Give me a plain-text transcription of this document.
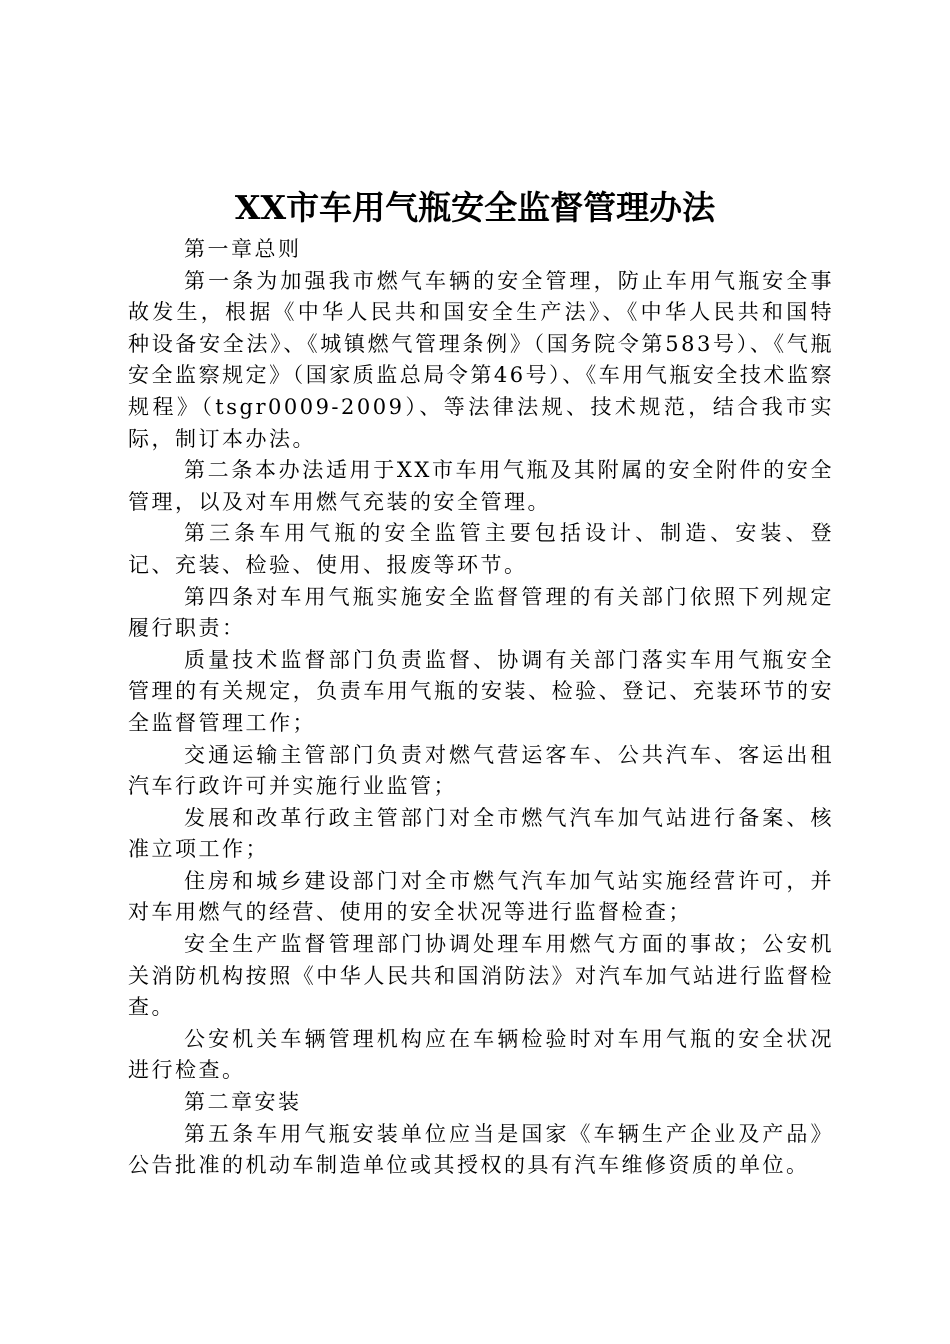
XX市车用气瓶安全监督管理办法

第一章总则

第一条为加强我市燃气车辆的安全管理，防止车用气瓶安全事故发生，根据《中华人民共和国安全生产法》、《中华人民共和国特种设备安全法》、《城镇燃气管理条例》（国务院令第583号）、《气瓶安全监察规定》（国家质监总局令第46号）、《车用气瓶安全技术监察规程》（tsgr0009-2009）、等法律法规、技术规范，结合我市实际，制订本办法。

第二条本办法适用于XX市车用气瓶及其附属的安全附件的安全管理，以及对车用燃气充装的安全管理。

第三条车用气瓶的安全监管主要包括设计、制造、安装、登记、充装、检验、使用、报废等环节。

第四条对车用气瓶实施安全监督管理的有关部门依照下列规定履行职责：

质量技术监督部门负责监督、协调有关部门落实车用气瓶安全管理的有关规定，负责车用气瓶的安装、检验、登记、充装环节的安全监督管理工作；

交通运输主管部门负责对燃气营运客车、公共汽车、客运出租汽车行政许可并实施行业监管；

发展和改革行政主管部门对全市燃气汽车加气站进行备案、核准立项工作；

住房和城乡建设部门对全市燃气汽车加气站实施经营许可，并对车用燃气的经营、使用的安全状况等进行监督检查；

安全生产监督管理部门协调处理车用燃气方面的事故；公安机关消防机构按照《中华人民共和国消防法》对汽车加气站进行监督检查。

公安机关车辆管理机构应在车辆检验时对车用气瓶的安全状况进行检查。

第二章安装

第五条车用气瓶安装单位应当是国家《车辆生产企业及产品》公告批准的机动车制造单位或其授权的具有汽车维修资质的单位。
